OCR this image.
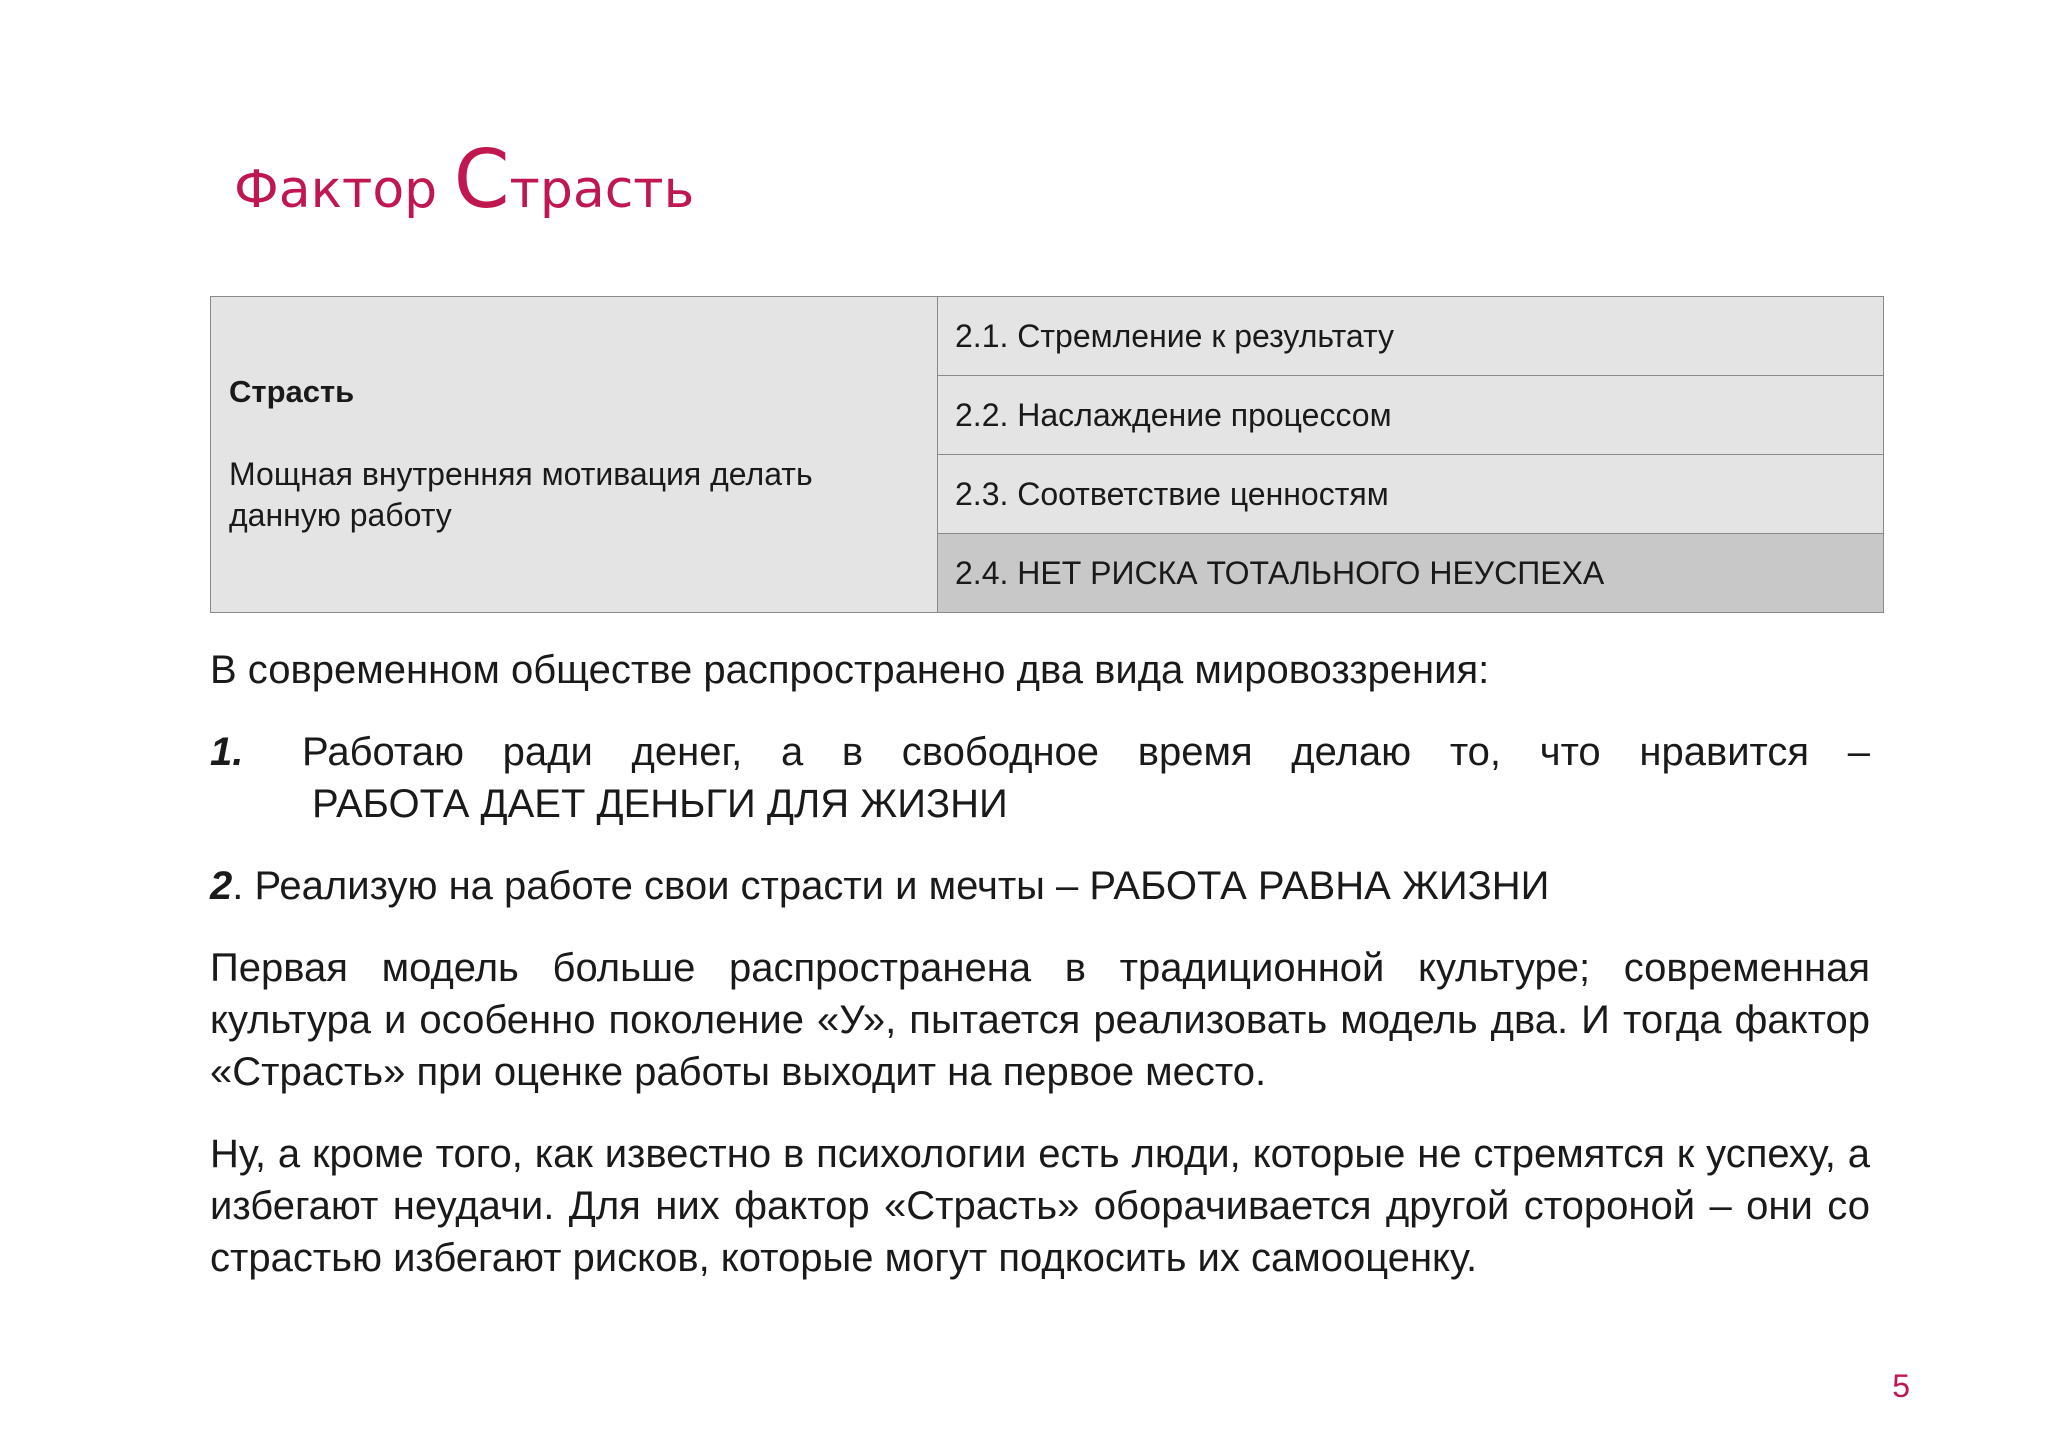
Фактор Страсть
Страсть
Мощная внутренняя мотивация делать данную работу
	2.1. Стремление к результату
2.2. Наслаждение процессом
2.3. Соответствие ценностям
2.4. НЕТ РИСКА ТОТАЛЬНОГО НЕУСПЕХА
В современном обществе распространено два вида мировоззрения:
1.	Работаю ради денег, а в свободное время делаю то, что нравится –
РАБОТА ДАЕТ ДЕНЬГИ ДЛЯ ЖИЗНИ
2. Реализую на работе свои страсти и мечты – РАБОТА РАВНА ЖИЗНИ
Первая модель больше распространена в традиционной культуре; современная культура и особенно поколение «У», пытается реализовать модель два. И тогда фактор «Страсть» при оценке работы выходит на первое место.
Ну, а кроме того, как известно в психологии есть люди, которые не стремятся к успеху, а избегают неудачи. Для них фактор «Страсть» оборачивается другой стороной – они со страстью избегают рисков, которые могут подкосить их самооценку.
5
